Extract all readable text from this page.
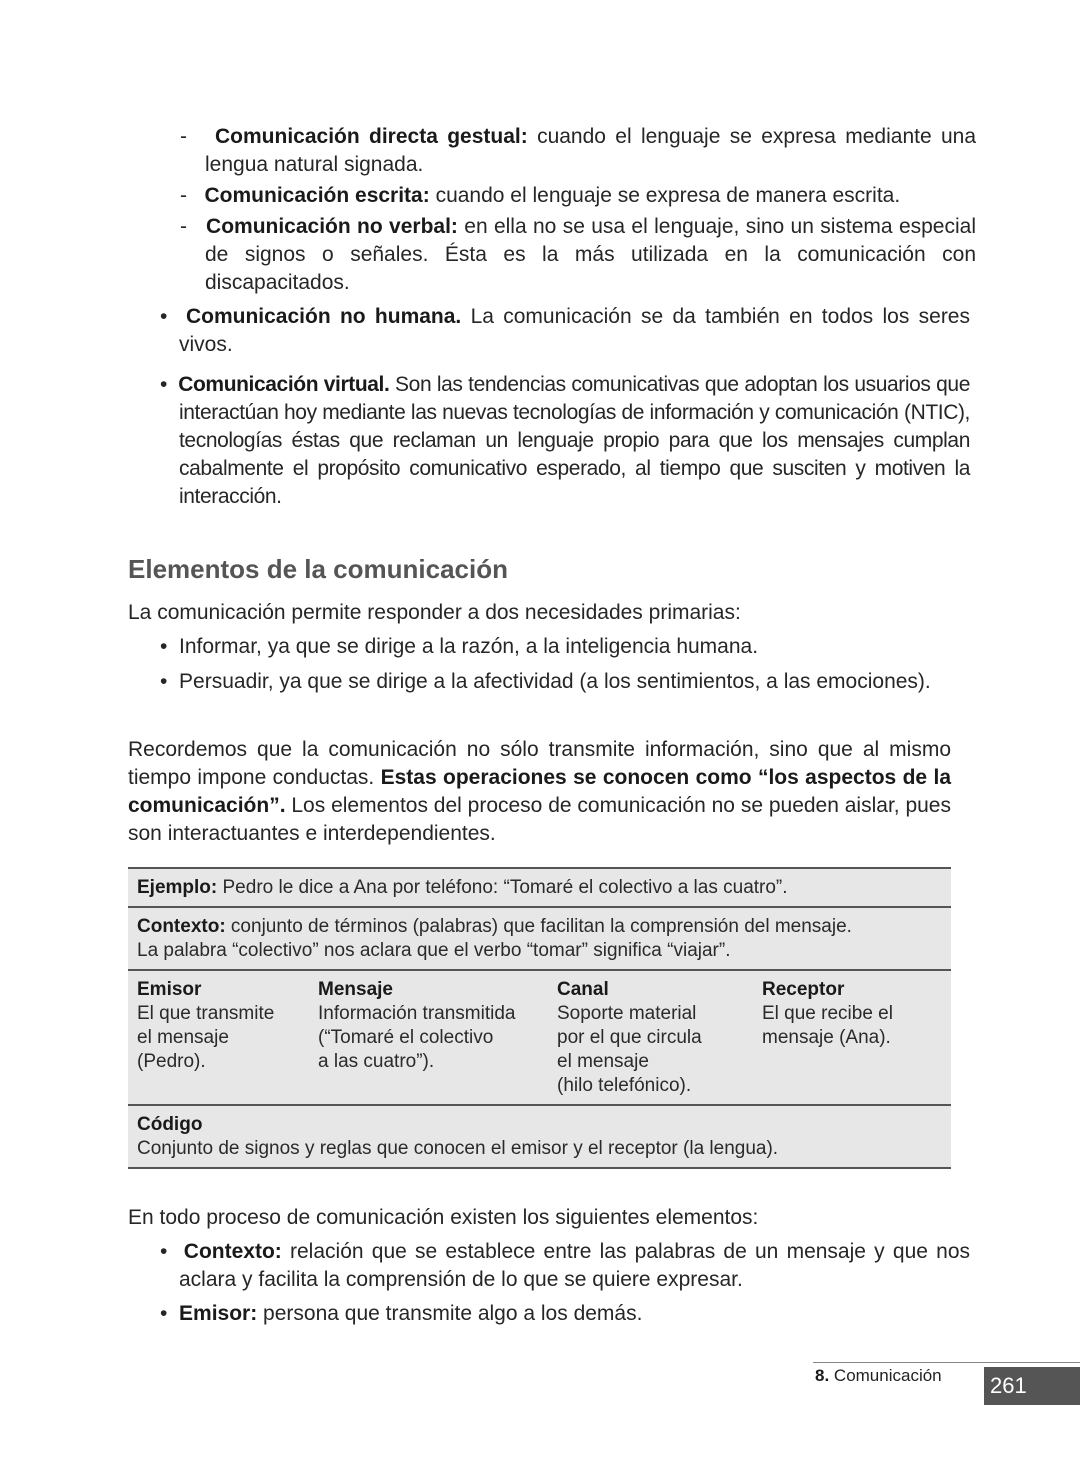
-   Comunicación directa gestual: cuando el lenguaje se expresa mediante una lengua natural signada.
-   Comunicación escrita: cuando el lenguaje se expresa de manera escrita.
-   Comunicación no verbal: en ella no se usa el lenguaje, sino un sistema especial de signos o señales. Ésta es la más utilizada en la comunicación con discapacitados.
•  Comunicación no humana. La comunicación se da también en todos los seres vivos.
•  Comunicación virtual. Son las tendencias comunicativas que adoptan los usuarios que interactúan hoy mediante las nuevas tecnologías de información y comunicación (NTIC), tecnologías éstas que reclaman un lenguaje propio para que los mensajes cumplan cabalmente el propósito comunicativo esperado, al tiempo que susciten y motiven la interacción.
Elementos de la comunicación
La comunicación permite responder a dos necesidades primarias:
•  Informar, ya que se dirige a la razón, a la inteligencia humana.
•  Persuadir, ya que se dirige a la afectividad (a los sentimientos, a las emociones).
Recordemos que la comunicación no sólo transmite información, sino que al mismo tiempo impone conductas. Estas operaciones se conocen como “los aspectos de la comunicación”. Los elementos del proceso de comunicación no se pueden aislar, pues son interactuantes e interdependientes.
Ejemplo: Pedro le dice a Ana por teléfono: “Tomaré el colectivo a las cuatro”.
Contexto: conjunto de términos (palabras) que facilitan la comprensión del mensaje.
La palabra “colectivo” nos aclara que el verbo “tomar” significa “viajar”.
Emisor
El que transmite
el mensaje
(Pedro).
Mensaje
Información transmitida
(“Tomaré el colectivo
a las cuatro”).
Canal
Soporte material
por el que circula
el mensaje
(hilo telefónico).
Receptor
El que recibe el
mensaje (Ana).
Código
Conjunto de signos y reglas que conocen el emisor y el receptor (la lengua).
En todo proceso de comunicación existen los siguientes elementos:
•  Contexto: relación que se establece entre las palabras de un mensaje y que nos aclara y facilita la comprensión de lo que se quiere expresar.
•  Emisor: persona que transmite algo a los demás.
8. Comunicación 261
